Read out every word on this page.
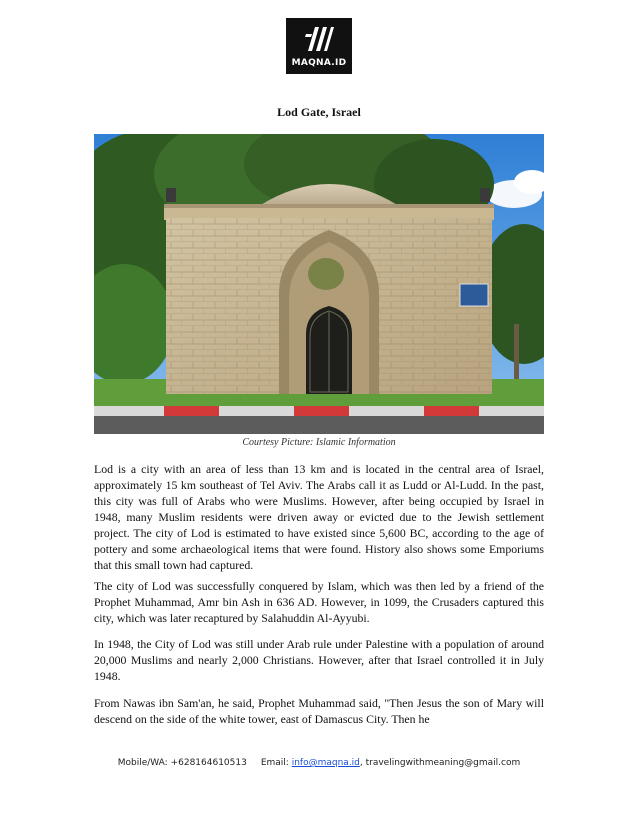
MAQNA.ID
Lod Gate, Israel
Courtesy Picture: Islamic Information

Lod is a city with an area of less than 13 km and is located in the central area of Israel, approximately 15 km southeast of Tel Aviv. The Arabs call it as Ludd or Al-Ludd. In the past, this city was full of Arabs who were Muslims. However, after being occupied by Israel in 1948, many Muslim residents were driven away or evicted due to the Jewish settlement project. The city of Lod is estimated to have existed since 5,600 BC, according to the age of pottery and some archaeological items that were found. History also shows some Emporiums that this small town had captured.

The city of Lod was successfully conquered by Islam, which was then led by a friend of the Prophet Muhammad, Amr bin Ash in 636 AD. However, in 1099, the Crusaders captured this city, which was later recaptured by Salahuddin Al-Ayyubi.

In 1948, the City of Lod was still under Arab rule under Palestine with a population of around 20,000 Muslims and nearly 2,000 Christians. However, after that Israel controlled it in July 1948.

From Nawas ibn Sam'an, he said, Prophet Muhammad said, "Then Jesus the son of Mary will descend on the side of the white tower, east of Damascus City. Then he

Mobile/WA: +628164610513 Email: info@maqna.id, travelingwithmeaning@gmail.com
